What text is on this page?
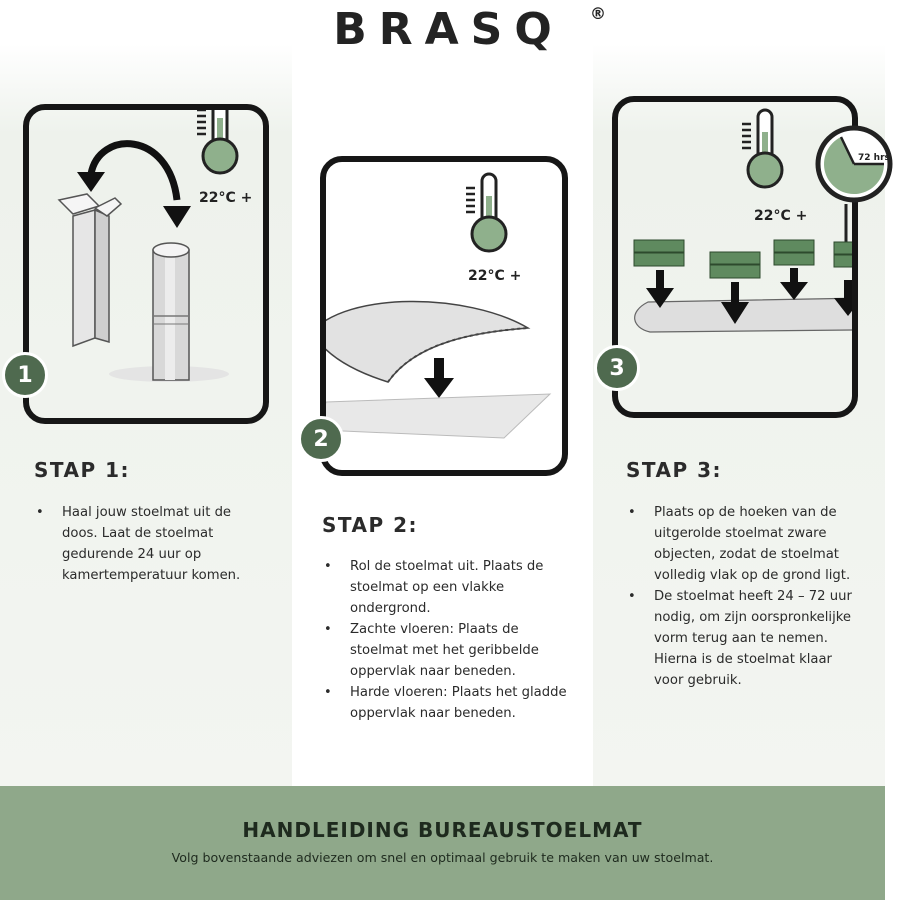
BRASQ ®
22°C +
1
22°C +
2
22°C +
72 hrs
3
STAP 1:
• Haal jouw stoelmat uit de doos. Laat de stoelmat gedurende 24 uur op kamertemperatuur komen.
STAP 2:
• Rol de stoelmat uit. Plaats de stoelmat op een vlakke ondergrond.
• Zachte vloeren: Plaats de stoelmat met het geribbelde oppervlak naar beneden.
• Harde vloeren: Plaats het gladde oppervlak naar beneden.
STAP 3:
• Plaats op de hoeken van de uitgerolde stoelmat zware objecten, zodat de stoelmat volledig vlak op de grond ligt.
• De stoelmat heeft 24 – 72 uur nodig, om zijn oorspronkelijke vorm terug aan te nemen. Hierna is de stoelmat klaar voor gebruik.
HANDLEIDING BUREAUSTOELMAT
Volg bovenstaande adviezen om snel en optimaal gebruik te maken van uw stoelmat.
